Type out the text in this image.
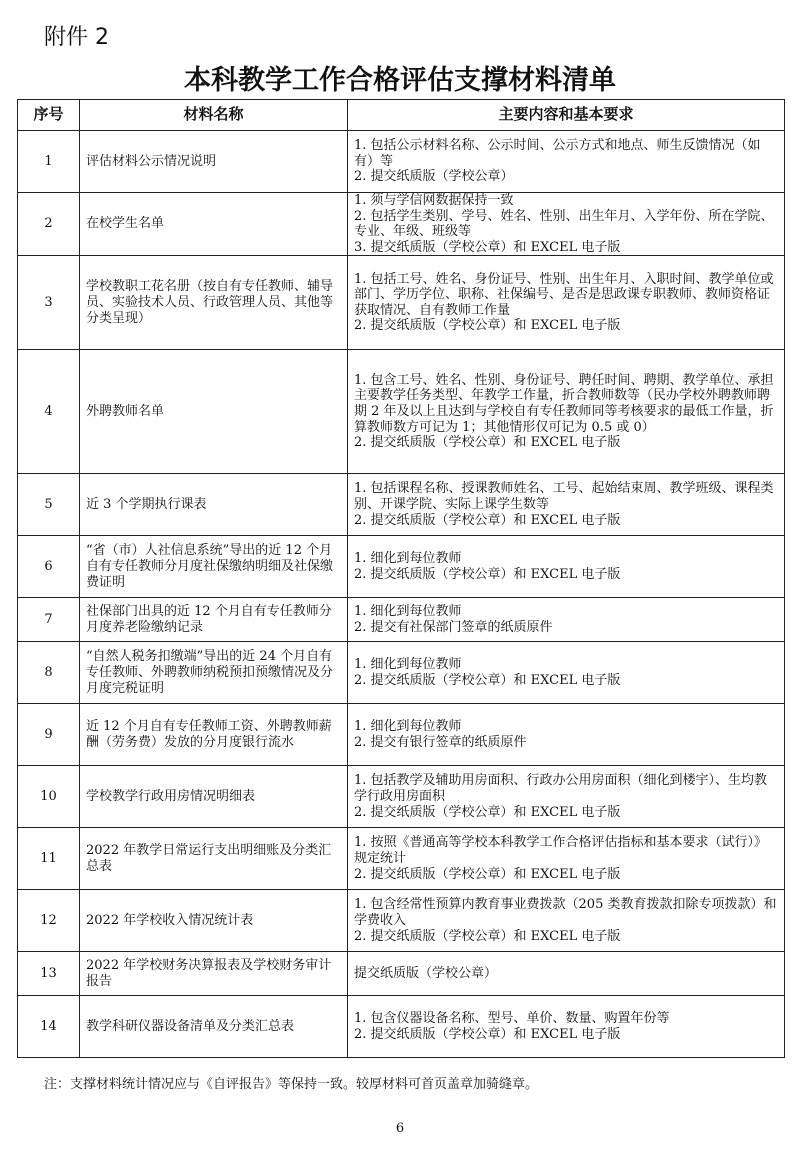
附件 2
本科教学工作合格评估支撑材料清单
序号	材料名称	主要内容和基本要求
1	评估材料公示情况说明	1. 包括公示材料名称、公示时间、公示方式和地点、师生反馈情况（如有）等
2. 提交纸质版（学校公章）

2	在校学生名单	1. 须与学信网数据保持一致
2. 包括学生类别、学号、姓名、性别、出生年月、入学年份、所在学院、专业、年级、班级等
3. 提交纸质版（学校公章）和 EXCEL 电子版

3	学校教职工花名册（按自有专任教师、辅导员、实验技术人员、行政管理人员、其他等分类呈现）	1. 包括工号、姓名、身份证号、性别、出生年月、入职时间、教学单位或部门、学历学位、职称、社保编号、是否是思政课专职教师、教师资格证获取情况、自有教师工作量
2. 提交纸质版（学校公章）和 EXCEL 电子版

4	外聘教师名单	1. 包含工号、姓名、性别、身份证号、聘任时间、聘期、教学单位、承担主要教学任务类型、年教学工作量，折合教师数等（民办学校外聘教师聘期 2 年及以上且达到与学校自有专任教师同等考核要求的最低工作量，折算教师数方可记为 1；其他情形仅可记为 0.5 或 0）
2. 提交纸质版（学校公章）和 EXCEL 电子版

5	近 3 个学期执行课表	1. 包括课程名称、授课教师姓名、工号、起始结束周、教学班级、课程类别、开课学院、实际上课学生数等
2. 提交纸质版（学校公章）和 EXCEL 电子版

6	“省（市）人社信息系统”导出的近 12 个月自有专任教师分月度社保缴纳明细及社保缴费证明	1. 细化到每位教师
2. 提交纸质版（学校公章）和 EXCEL 电子版

7	社保部门出具的近 12 个月自有专任教师分月度养老险缴纳记录	1. 细化到每位教师
2. 提交有社保部门签章的纸质原件

8	“自然人税务扣缴端”导出的近 24 个月自有专任教师、外聘教师纳税预扣预缴情况及分月度完税证明	1. 细化到每位教师
2. 提交纸质版（学校公章）和 EXCEL 电子版

9	近 12 个月自有专任教师工资、外聘教师薪酬（劳务费）发放的分月度银行流水	1. 细化到每位教师
2. 提交有银行签章的纸质原件

10	学校教学行政用房情况明细表	1. 包括教学及辅助用房面积、行政办公用房面积（细化到楼宇）、生均教学行政用房面积
2. 提交纸质版（学校公章）和 EXCEL 电子版

11	2022 年教学日常运行支出明细账及分类汇总表	1. 按照《普通高等学校本科教学工作合格评估指标和基本要求（试行）》规定统计
2. 提交纸质版（学校公章）和 EXCEL 电子版

12	2022 年学校收入情况统计表	1. 包含经常性预算内教育事业费拨款（205 类教育拨款扣除专项拨款）和学费收入
2. 提交纸质版（学校公章）和 EXCEL 电子版

13	2022 年学校财务决算报表及学校财务审计报告	提交纸质版（学校公章）

14	教学科研仪器设备清单及分类汇总表	1. 包含仪器设备名称、型号、单价、数量、购置年份等
2. 提交纸质版（学校公章）和 EXCEL 电子版
注：支撑材料统计情况应与《自评报告》等保持一致。较厚材料可首页盖章加骑缝章。
6
